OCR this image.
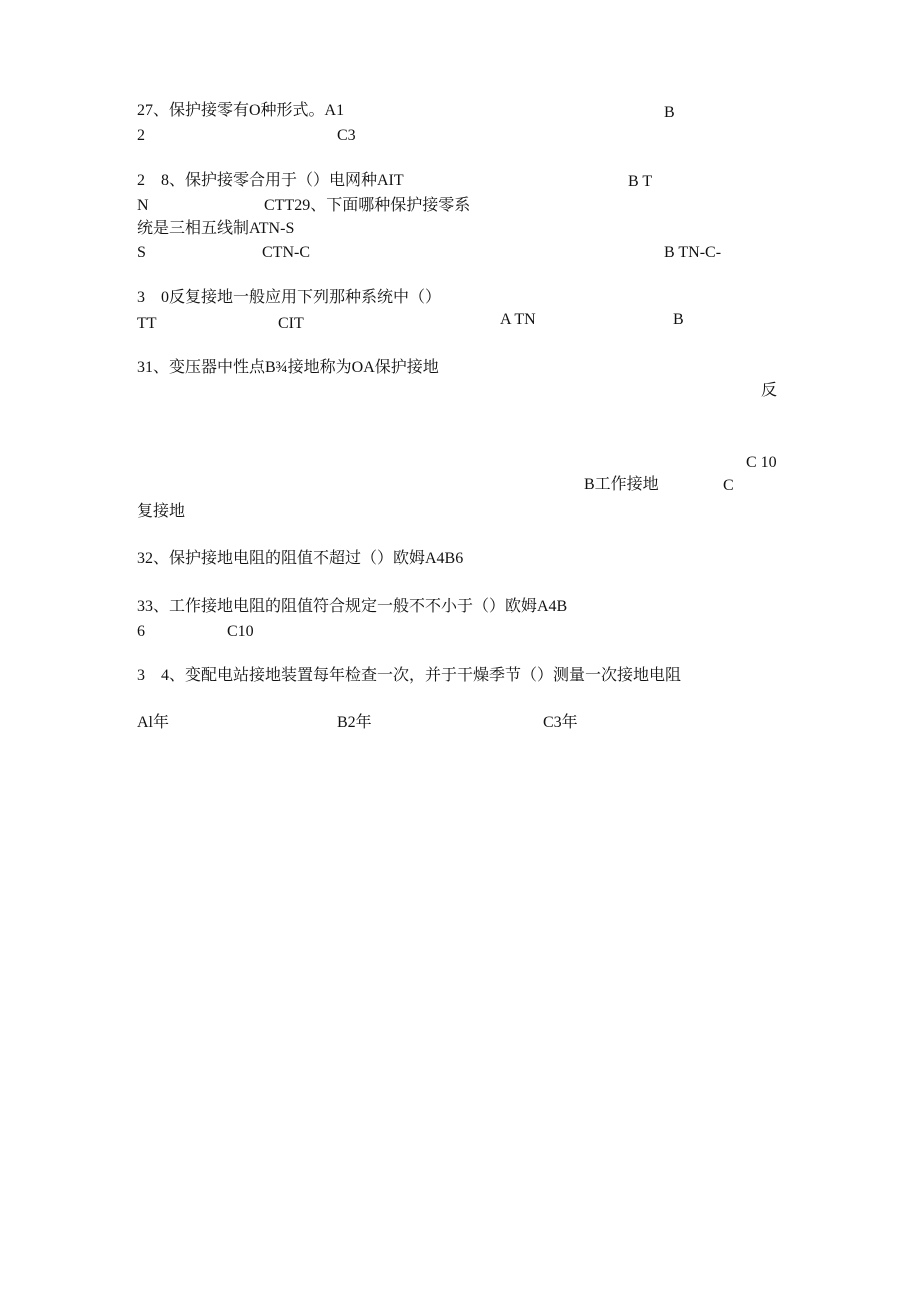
27、保护接零有O种形式。A1	B
2	C3
2　8、保护接零合用于（）电网种AIT	B T
N	CTT29、下面哪种保护接零系
统是三相五线制ATN-S
S	CTN-C	B TN-C-
3　0反复接地一般应用下列那种系统中（）
TT	CIT	A TN	B
31、变压器中性点B¾接地称为OA保护接地
反
C 10
B工作接地	C
复接地
32、保护接地电阻的阻值不超过（）欧姆A4B6
33、工作接地电阻的阻值符合规定一般不不小于（）欧姆A4B
6	C10
3　4、变配电站接地装置每年检查一次，并于干燥季节（）测量一次接地电阻
Al年	B2年	C3年
